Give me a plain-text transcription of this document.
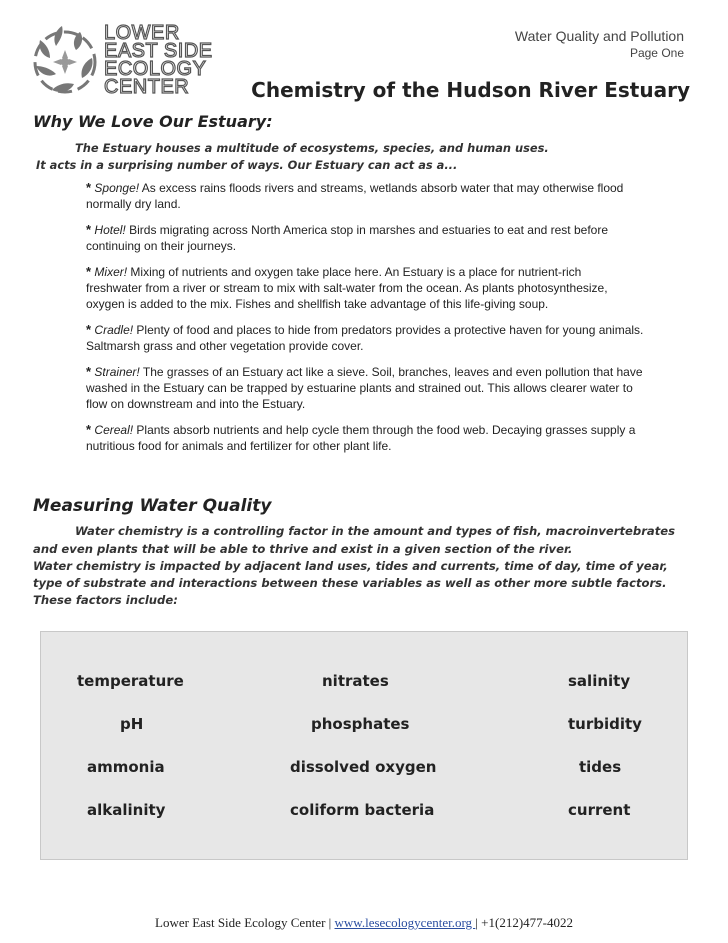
LOWER
EAST SIDE
ECOLOGY
CENTER
Water Quality and Pollution
Page One
Chemistry of the Hudson River Estuary
Why We Love Our Estuary:
The Estuary houses a multitude of ecosystems, species, and human uses.
It acts in a surprising number of ways. Our Estuary can act as a...
* Sponge! As excess rains floods rivers and streams, wetlands absorb water that may otherwise flood
normally dry land.
* Hotel! Birds migrating across North America stop in marshes and estuaries to eat and rest before
continuing on their journeys.
* Mixer! Mixing of nutrients and oxygen take place here. An Estuary is a place for nutrient-rich
freshwater from a river or stream to mix with salt-water from the ocean. As plants photosynthesize,
oxygen is added to the mix. Fishes and shellfish take advantage of this life-giving soup.
* Cradle! Plenty of food and places to hide from predators provides a protective haven for young animals.
Saltmarsh grass and other vegetation provide cover.
* Strainer! The grasses of an Estuary act like a sieve. Soil, branches, leaves and even pollution that have
washed in the Estuary can be trapped by estuarine plants and strained out. This allows clearer water to
flow on downstream and into the Estuary.
* Cereal! Plants absorb nutrients and help cycle them through the food web. Decaying grasses supply a
nutritious food for animals and fertilizer for other plant life.
Measuring Water Quality
Water chemistry is a controlling factor in the amount and types of fish, macroinvertebrates
and even plants that will be able to thrive and exist in a given section of the river.
Water chemistry is impacted by adjacent land uses, tides and currents, time of day, time of year,
type of substrate and interactions between these variables as well as other more subtle factors.
These factors include:
temperature
pH
ammonia
alkalinity
nitrates
phosphates
dissolved oxygen
coliform bacteria
salinity
turbidity
tides
current
Lower East Side Ecology Center | www.lesecologycenter.org | +1(212)477-4022
